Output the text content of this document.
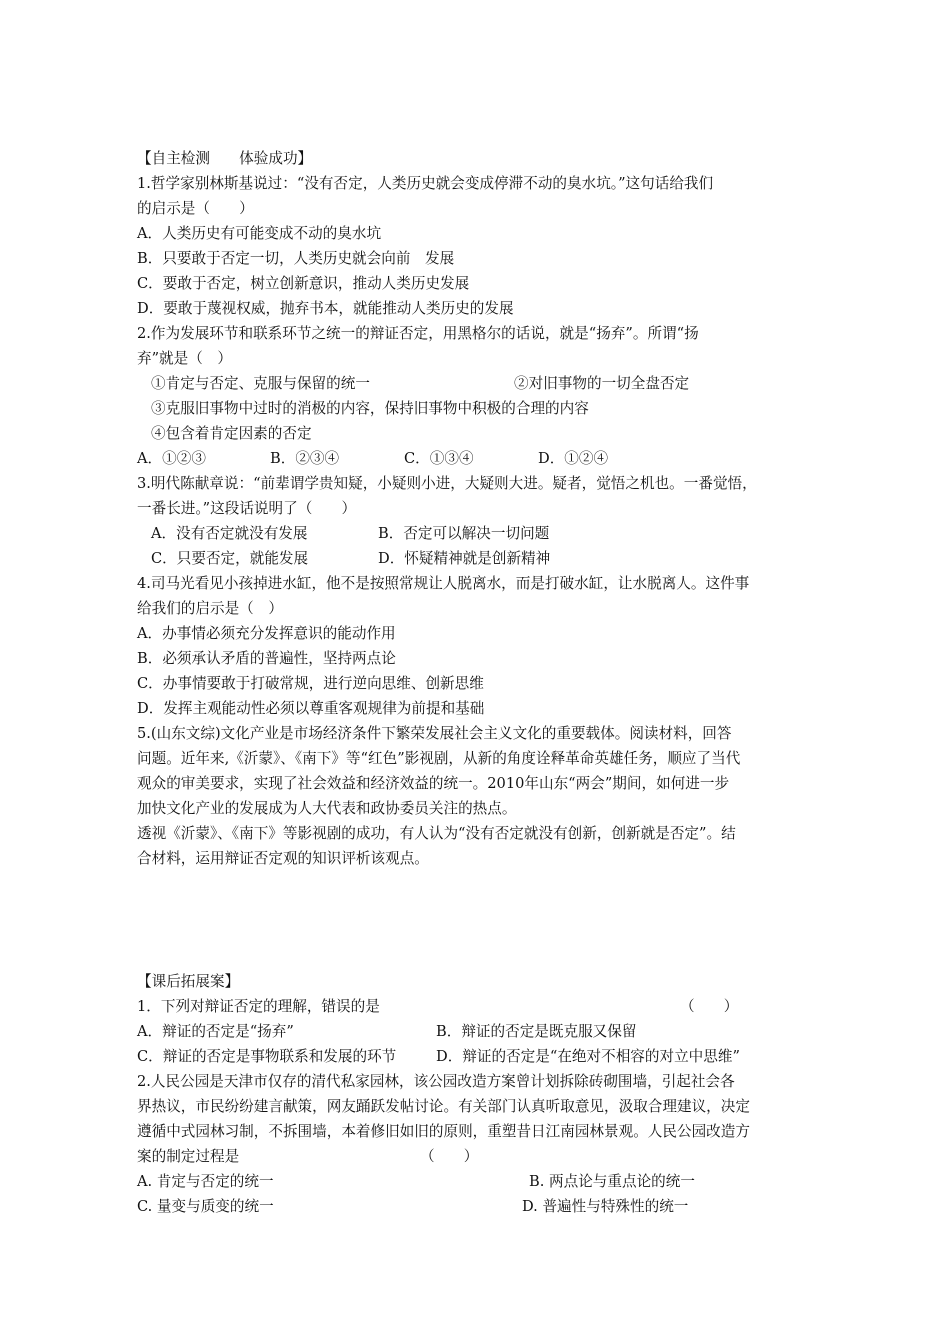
【自主检测　　体验成功】
1.哲学家别林斯基说过：“没有否定，人类历史就会变成停滞不动的臭水坑。”这句话给我们
的启示是（　　）
A．人类历史有可能变成不动的臭水坑
B．只要敢于否定一切，人类历史就会向前　发展
C．要敢于否定，树立创新意识，推动人类历史发展
D．要敢于蔑视权威，抛弃书本，就能推动人类历史的发展
2.作为发展环节和联系环节之统一的辩证否定，用黑格尔的话说，就是“扬弃”。所谓“扬
弃”就是（　）
①肯定与否定、克服与保留的统一	②对旧事物的一切全盘否定
③克服旧事物中过时的消极的内容，保持旧事物中积极的合理的内容
④包含着肯定因素的否定
A．①②③	B．②③④	C．①③④	D．①②④
3.明代陈献章说：“前辈谓学贵知疑，小疑则小进，大疑则大进。疑者，觉悟之机也。一番觉悟，
一番长进。”这段话说明了（　　）
A．没有否定就没有发展	B．否定可以解决一切问题
C．只要否定，就能发展	D．怀疑精神就是创新精神
4.司马光看见小孩掉进水缸，他不是按照常规让人脱离水，而是打破水缸，让水脱离人。这件事
给我们的启示是（　）
A．办事情必须充分发挥意识的能动作用
B．必须承认矛盾的普遍性，坚持两点论
C．办事情要敢于打破常规，进行逆向思维、创新思维
D．发挥主观能动性必须以尊重客观规律为前提和基础
5.(山东文综)文化产业是市场经济条件下繁荣发展社会主义文化的重要载体。阅读材料，回答
问题。近年来,《沂蒙》、《南下》等“红色”影视剧，从新的角度诠释革命英雄任务，顺应了当代
观众的审美要求，实现了社会效益和经济效益的统一。2010年山东“两会”期间，如何进一步
加快文化产业的发展成为人大代表和政协委员关注的热点。
透视《沂蒙》、《南下》等影视剧的成功，有人认为“没有否定就没有创新，创新就是否定”。结
合材料，运用辩证否定观的知识评析该观点。
【课后拓展案】
1．下列对辩证否定的理解，错误的是	（　　）
A．辩证的否定是“扬弃”	B．辩证的否定是既克服又保留
C．辩证的否定是事物联系和发展的环节	D．辩证的否定是“在绝对不相容的对立中思维”
2.人民公园是天津市仅存的清代私家园林，该公园改造方案曾计划拆除砖砌围墙，引起社会各
界热议，市民纷纷建言献策，网友踊跃发帖讨论。有关部门认真听取意见，汲取合理建议，决定
遵循中式园林习制，不拆围墙，本着修旧如旧的原则，重塑昔日江南园林景观。人民公园改造方
案的制定过程是	（　　）
A. 肯定与否定的统一	B. 两点论与重点论的统一
C. 量变与质变的统一	D. 普遍性与特殊性的统一
